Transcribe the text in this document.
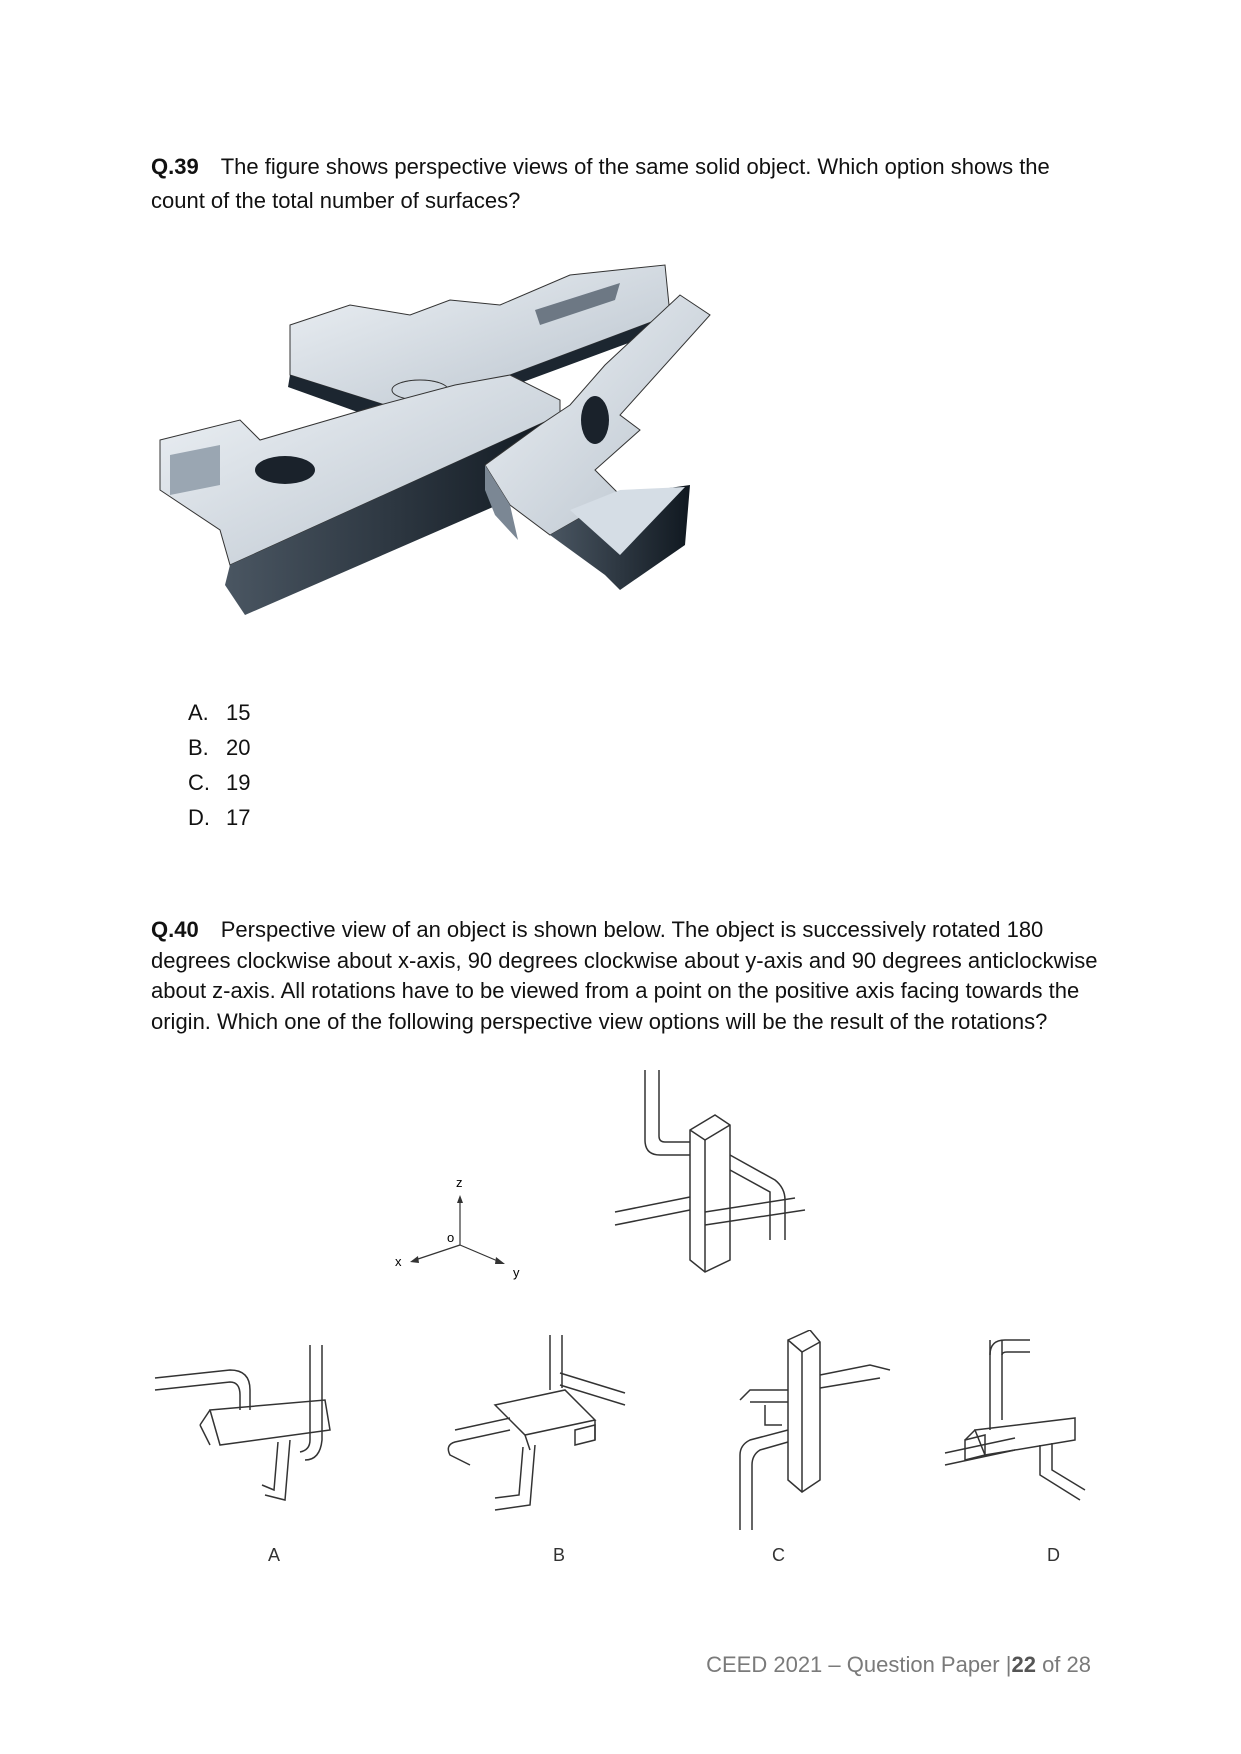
Q.39 The figure shows perspective views of the same solid object. Which option shows the count of the total number of surfaces?
A. 15
B. 20
C. 19
D. 17
Q.40 Perspective view of an object is shown below. The object is successively rotated 180 degrees clockwise about x-axis, 90 degrees clockwise about y-axis and 90 degrees anticlockwise about z-axis. All rotations have to be viewed from a point on the positive axis facing towards the origin. Which one of the following perspective view options will be the result of the rotations?
z
x
y
o
A	B	C	D
CEED 2021 – Question Paper |22 of 28
